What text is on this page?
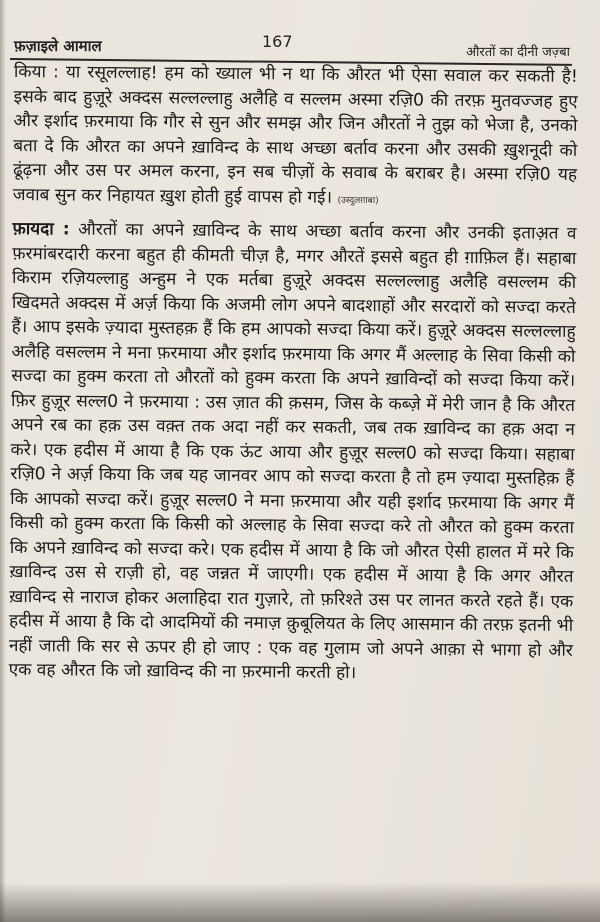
फ़ज़ाइले आमाल	167
औरतों का दीनी जज़्बा

किया : या रसूलल्लाह! हम को ख्याल भी न था कि औरत भी ऐसा सवाल कर सकती है! इसके बाद हुज़ूरे अक्दस सल्लल्लाहु अलैहि व सल्लम अस्मा रज़ि0 की तरफ़ मुतवज्जह हुए और इर्शाद फ़रमाया कि गौर से सुन और समझ और जिन औरतों ने तुझ को भेजा है, उनको बता दे कि औरत का अपने ख़ाविन्द के साथ अच्छा बर्ताव करना और उसकी ख़ुशनूदी को ढूंढ़ना और उस पर अमल करना, इन सब चीज़ों के सवाब के बराबर है। अस्मा रज़ि0 यह जवाब सुन कर निहायत ख़ुश होती हुई वापस हो गई। (उस्दुलग़ाबा)

फ़ायदा : औरतों का अपने ख़ाविन्द के साथ अच्छा बर्ताव करना और उनकी इताअ़त व फ़रमांबरदारी करना बहुत ही कीमती चीज़ है, मगर औरतें इससे बहुत ही ग़ाफ़िल हैं। सहाबा किराम रज़ियल्लाहु अन्हुम ने एक मर्तबा हुज़ूरे अक्दस सल्लल्लाहु अलैहि वसल्लम की खिदमते अक्दस में अर्ज़ किया कि अजमी लोग अपने बादशाहों और सरदारों को सज्दा करते हैं। आप इसके ज़्यादा मुस्तहक़ हैं कि हम आपको सज्दा किया करें। हुज़ूरे अक्दस सल्लल्लाहु अलैहि वसल्लम ने मना फ़रमाया और इर्शाद फ़रमाया कि अगर मैं अल्लाह के सिवा किसी को सज्दा का हुक्म करता तो औरतों को हुक्म करता कि अपने ख़ाविन्दों को सज्दा किया करें। फ़िर हुज़ूर सल्ल0 ने फ़रमाया : उस ज़ात की क़सम, जिस के कब्ज़े में मेरी जान है कि औरत अपने रब का हक़ उस वक़्त तक अदा नहीं कर सकती, जब तक ख़ाविन्द का हक़ अदा न करे। एक हदीस में आया है कि एक ऊंट आया और हुज़ूर सल्ल0 को सज्दा किया। सहाबा रज़ि0 ने अर्ज़ किया कि जब यह जानवर आप को सज्दा करता है तो हम ज़्यादा मुस्तहिक़ हैं कि आपको सज्दा करें। हुज़ूर सल्ल0 ने मना फ़रमाया और यही इर्शाद फ़रमाया कि अगर मैं किसी को हुक्म करता कि किसी को अल्लाह के सिवा सज्दा करे तो औरत को हुक्म करता कि अपने ख़ाविन्द को सज्दा करे। एक हदीस में आया है कि जो औरत ऐसी हालत में मरे कि ख़ाविन्द उस से राज़ी हो, वह जन्नत में जाएगी। एक हदीस में आया है कि अगर औरत ख़ाविन्द से नाराज होकर अलाहिदा रात गुज़ारे, तो फ़रिश्ते उस पर लानत करते रहते हैं। एक हदीस में आया है कि दो आदमियों की नमाज़ क़ुबूलियत के लिए आसमान की तरफ़ इतनी भी नहीं जाती कि सर से ऊपर ही हो जाए : एक वह गुलाम जो अपने आक़ा से भागा हो और एक वह औरत कि जो ख़ाविन्द की ना फ़रमानी करती हो।
